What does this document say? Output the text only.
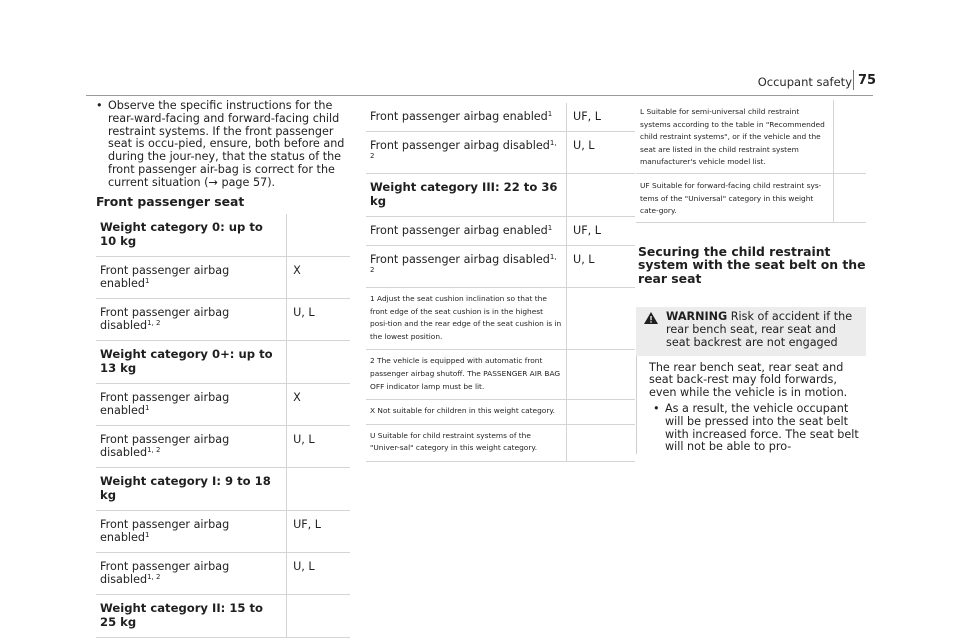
Occupant safety 75
• Observe the specific instructions for the rear-ward-facing and forward-facing child restraint systems. If the front passenger seat is occu-pied, ensure, both before and during the jour-ney, that the status of the front passenger air-bag is correct for the current situation (→ page 57).
Front passenger seat
Weight category 0: up to 10 kg	
Front passenger airbag enabled$^1$	X
Front passenger airbag disabled$^{1, 2}$	U, L
Weight category 0+: up to 13 kg	
Front passenger airbag enabled$^1$	X
Front passenger airbag disabled$^{1, 2}$	U, L
Weight category I: 9 to 18 kg	
Front passenger airbag enabled$^1$	UF, L
Front passenger airbag disabled$^{1, 2}$	U, L
Weight category II: 15 to 25 kg	
Front passenger airbag enabled$^1$	UF, L
Front passenger airbag disabled$^{1, 2}$	U, L
Weight category III: 22 to 36 kg	
Front passenger airbag enabled$^1$	UF, L
Front passenger airbag disabled$^{1, 2}$	U, L
1 Adjust the seat cushion inclination so that the front edge of the seat cushion is in the highest posi-tion and the rear edge of the seat cushion is in the lowest position.	
2 The vehicle is equipped with automatic front passenger airbag shutoff. The PASSENGER AIR BAG OFF indicator lamp must be lit.	
X Not suitable for children in this weight category.	
U Suitable for child restraint systems of the "Univer-sal" category in this weight category.	
L Suitable for semi-universal child restraint systems according to the table in "Recommended child restraint systems", or if the vehicle and the seat are listed in the child restraint system manufacturer's vehicle model list.	
UF Suitable for forward-facing child restraint sys-tems of the "Universal" category in this weight cate-gory.	
Securing the child restraint system with the seat belt on the rear seat
WARNING Risk of accident if the rear bench seat, rear seat and seat backrest are not engaged
The rear bench seat, rear seat and seat back-rest may fold forwards, even while the vehicle is in motion.
• As a result, the vehicle occupant will be pressed into the seat belt with increased force. The seat belt will not be able to pro-
